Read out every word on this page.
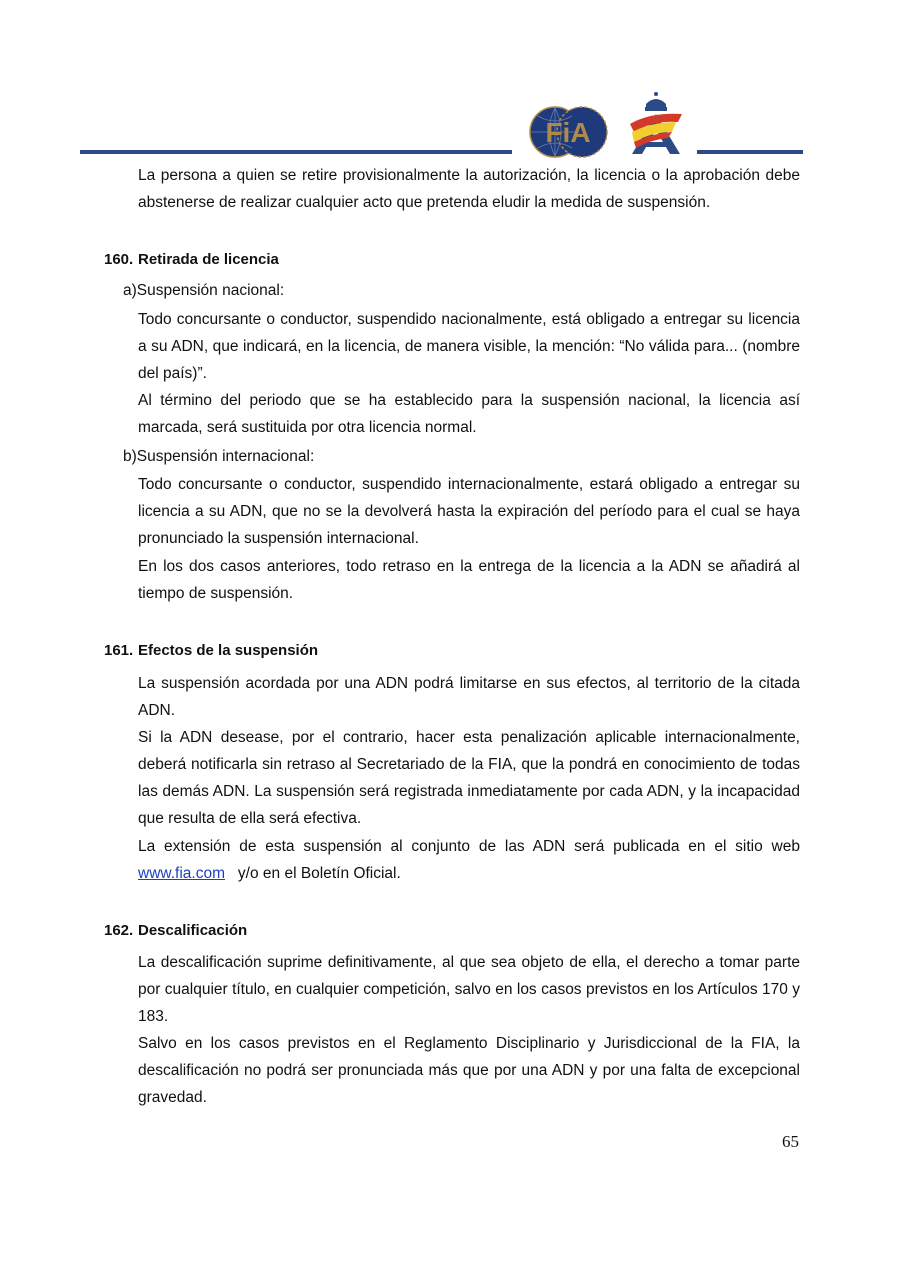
FiA
La persona a quien se retire provisionalmente la autorización, la licencia o la aprobación debe abstenerse de realizar cualquier acto que pretenda eludir la medida de suspensión.
160. Retirada de licencia
a)Suspensión nacional:
Todo concursante o conductor, suspendido nacionalmente, está obligado a entregar su licencia a su ADN, que indicará, en la licencia, de manera visible, la mención: “No válida para... (nombre del país)”.
Al término del periodo que se ha establecido para la suspensión nacional, la licencia así marcada, será sustituida por otra licencia normal.
b)Suspensión internacional:
Todo concursante o conductor, suspendido internacionalmente, estará obligado a entregar su licencia a su ADN, que no se la devolverá hasta la expiración del período para el cual se haya pronunciado la suspensión internacional.
En los dos casos anteriores, todo retraso en la entrega de la licencia a la ADN se añadirá al tiempo de suspensión.
161. Efectos de la suspensión
La suspensión acordada por una ADN podrá limitarse en sus efectos, al territorio de la citada ADN.
Si la ADN desease, por el contrario, hacer esta penalización aplicable internacionalmente, deberá notificarla sin retraso al Secretariado de la FIA, que la pondrá en conocimiento de todas las demás ADN. La suspensión será registrada inmediatamente por cada ADN, y la incapacidad que resulta de ella será efectiva.
La extensión de esta suspensión al conjunto de las ADN será publicada en el sitio web
www.fia.com y/o en el Boletín Oficial.
162. Descalificación
La descalificación suprime definitivamente, al que sea objeto de ella, el derecho a tomar parte por cualquier título, en cualquier competición, salvo en los casos previstos en los Artículos 170 y 183.
Salvo en los casos previstos en el Reglamento Disciplinario y Jurisdiccional de la FIA, la descalificación no podrá ser pronunciada más que por una ADN y por una falta de excepcional gravedad.
65
